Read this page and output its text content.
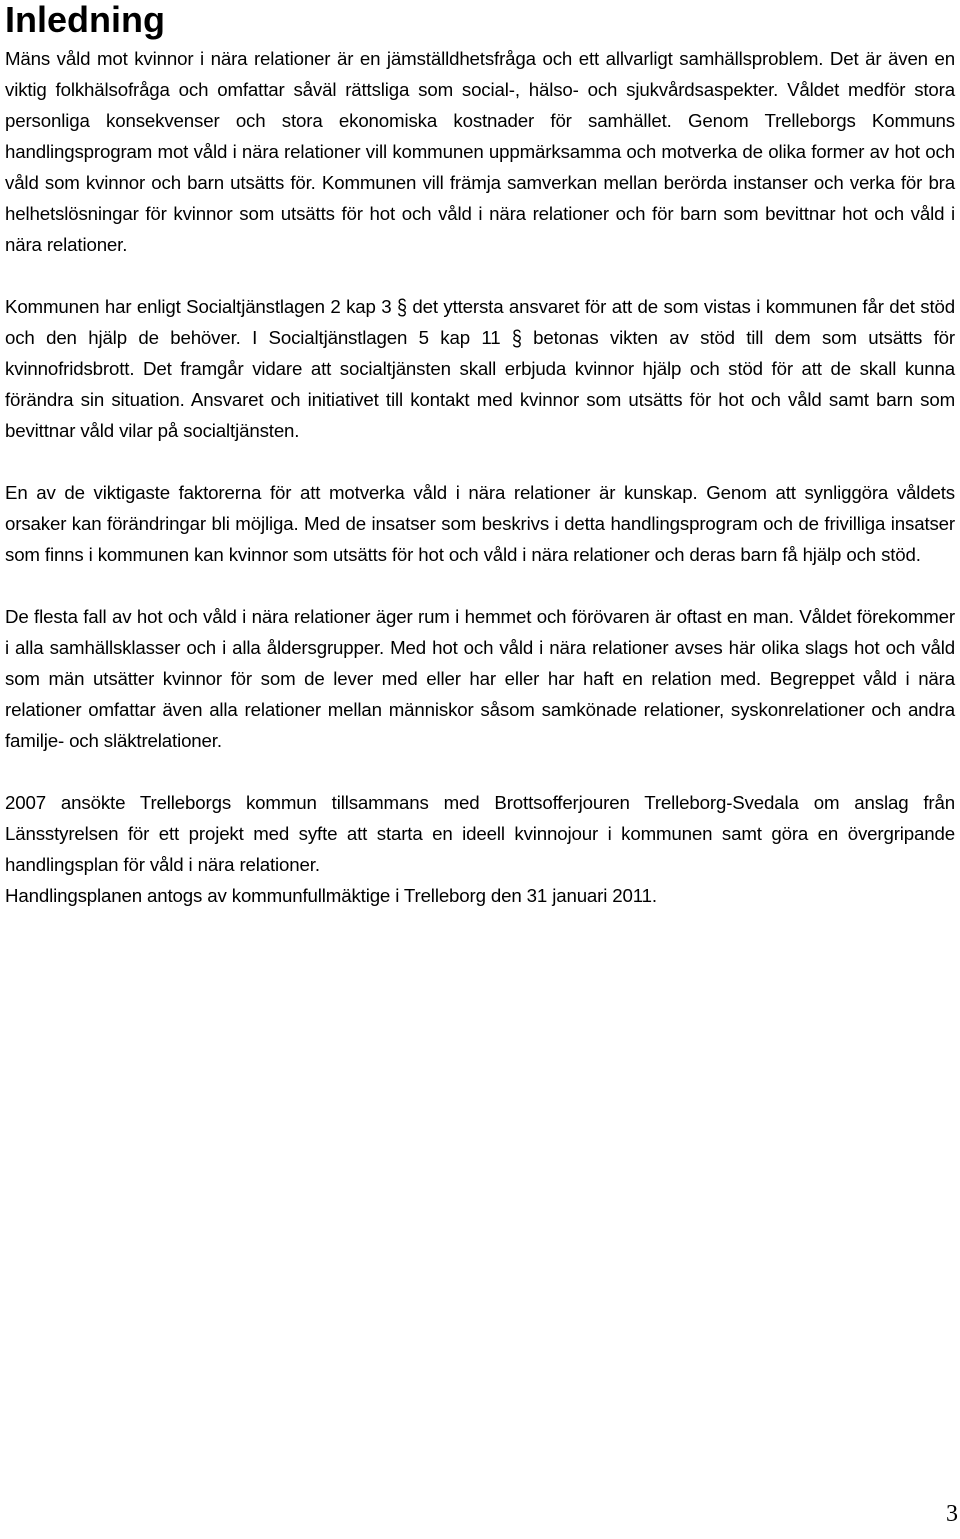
Inledning

Mäns våld mot kvinnor i nära relationer är en jämställdhetsfråga och ett allvarligt samhällsproblem. Det är även en viktig folkhälsofråga och omfattar såväl rättsliga som social-, hälso- och sjukvårdsaspekter. Våldet medför stora personliga konsekvenser och stora ekonomiska kostnader för samhället. Genom Trelleborgs Kommuns handlingsprogram mot våld i nära relationer vill kommunen uppmärksamma och motverka de olika former av hot och våld som kvinnor och barn utsätts för. Kommunen vill främja samverkan mellan berörda instanser och verka för bra helhetslösningar för kvinnor som utsätts för hot och våld i nära relationer och för barn som bevittnar hot och våld i nära relationer.

Kommunen har enligt Socialtjänstlagen 2 kap 3 § det yttersta ansvaret för att de som vistas i kommunen får det stöd och den hjälp de behöver. I Socialtjänstlagen 5 kap 11 § betonas vikten av stöd till dem som utsätts för kvinnofridsbrott. Det framgår vidare att socialtjänsten skall erbjuda kvinnor hjälp och stöd för att de skall kunna förändra sin situation. Ansvaret och initiativet till kontakt med kvinnor som utsätts för hot och våld samt barn som bevittnar våld vilar på socialtjänsten.

En av de viktigaste faktorerna för att motverka våld i nära relationer är kunskap. Genom att synliggöra våldets orsaker kan förändringar bli möjliga. Med de insatser som beskrivs i detta handlingsprogram och de frivilliga insatser som finns i kommunen kan kvinnor som utsätts för hot och våld i nära relationer och deras barn få hjälp och stöd.

De flesta fall av hot och våld i nära relationer äger rum i hemmet och förövaren är oftast en man. Våldet förekommer i alla samhällsklasser och i alla åldersgrupper. Med hot och våld i nära relationer avses här olika slags hot och våld som män utsätter kvinnor för som de lever med eller har eller har haft en relation med. Begreppet våld i nära relationer omfattar även alla relationer mellan människor såsom samkönade relationer, syskonrelationer och andra familje- och släktrelationer.

2007 ansökte Trelleborgs kommun tillsammans med Brottsofferjouren Trelleborg-Svedala om anslag från Länsstyrelsen för ett projekt med syfte att starta en ideell kvinnojour i kommunen samt göra en övergripande handlingsplan för våld i nära relationer.
Handlingsplanen antogs av kommunfullmäktige i Trelleborg den 31 januari 2011.

3
